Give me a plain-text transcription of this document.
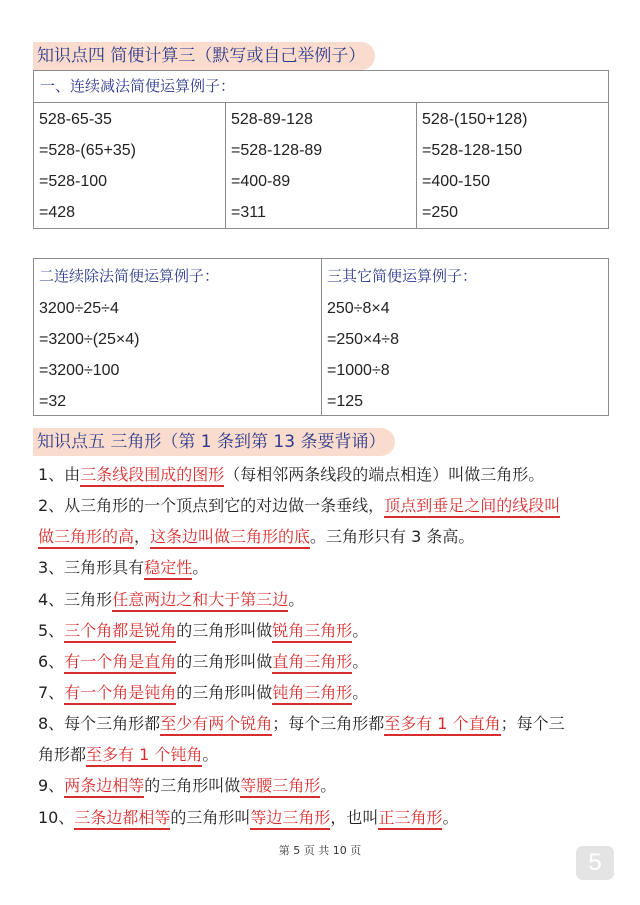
知识点四 简便计算三（默写或自己举例子）
一、连续减法简便运算例子：
528-65-35
=528-(65+35)
=528-100
=428
528-89-128
=528-128-89
=400-89
=311
528-(150+128)
=528-128-150
=400-150
=250
二连续除法简便运算例子：
3200÷25÷4
=3200÷(25×4)
=3200÷100
=32
三其它简便运算例子：
250÷8×4
=250×4÷8
=1000÷8
=125
知识点五 三角形（第 1 条到第 13 条要背诵）
1、由三条线段围成的图形（每相邻两条线段的端点相连）叫做三角形。
2、从三角形的一个顶点到它的对边做一条垂线，顶点到垂足之间的线段叫
做三角形的高，这条边叫做三角形的底。三角形只有 3 条高。
3、三角形具有稳定性。
4、三角形任意两边之和大于第三边。
5、三个角都是锐角的三角形叫做锐角三角形。
6、有一个角是直角的三角形叫做直角三角形。
7、有一个角是钝角的三角形叫做钝角三角形。
8、每个三角形都至少有两个锐角；每个三角形都至多有 1 个直角；每个三
角形都至多有 1 个钝角。
9、两条边相等的三角形叫做等腰三角形。
10、三条边都相等的三角形叫等边三角形，也叫正三角形。
第 5 页 共 10 页	5
